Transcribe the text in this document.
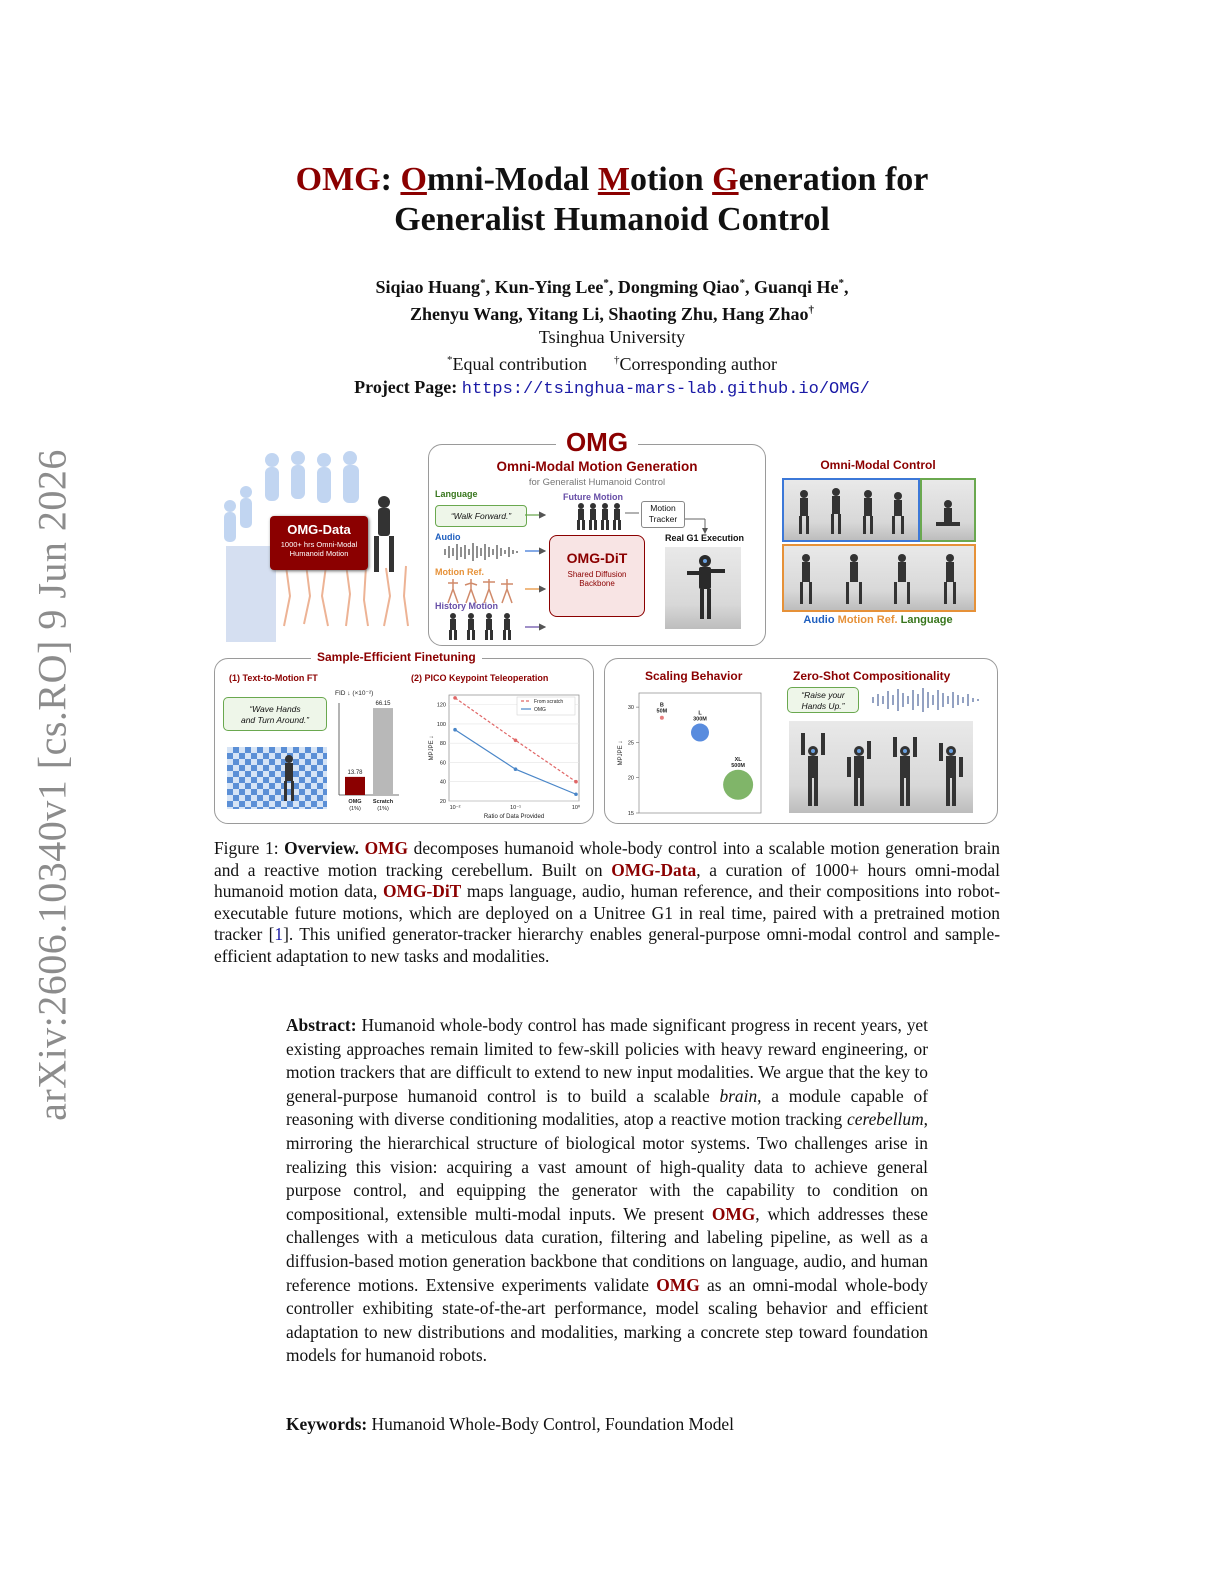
arXiv:2606.10340v1 [cs.RO] 9 Jun 2026
OMG: Omni-Modal Motion Generation for
Generalist Humanoid Control
Siqiao Huang*, Kun-Ying Lee*, Dongming Qiao*, Guanqi He*,
Zhenyu Wang, Yitang Li, Shaoting Zhu, Hang Zhao†
Tsinghua University
*Equal contribution †Corresponding author
Project Page: https://tsinghua-mars-lab.github.io/OMG/
OMG-Data
1000+ hrs Omni-Modal
Humanoid Motion
OMG
Omni-Modal Motion Generation
for Generalist Humanoid Control
Language
“Walk Forward.”
Audio
Motion Ref.
History Motion
Future Motion
Motion
Tracker
Real G1 Execution
OMG-DiT
Shared Diffusion
Backbone
Omni-Modal Control
Audio Motion Ref. Language
Sample-Efficient Finetuning
(1) Text-to-Motion FT
“Wave Hands
and Turn Around.”
FID ↓ (×10⁻²)
13.78
OMG
(1%)
66.15
Scratch
(1%)
(2) PICO Keypoint Teleoperation
20
40
60
80
100
120
10⁻²	10⁻¹	10⁰
Ratio of Data Provided
MPJPE ↓
From scratch
OMG
Scaling Behavior
15
20
25
30
MPJPE ↓
B
50M	L
300M
XL
500M
Zero-Shot Compositionality
“Raise your
Hands Up.”
Figure 1: Overview. OMG decomposes humanoid whole-body control into a scalable motion generation brain and a reactive motion tracking cerebellum. Built on OMG-Data, a curation of 1000+ hours omni-modal humanoid motion data, OMG-DiT maps language, audio, human reference, and their compositions into robot-executable future motions, which are deployed on a Unitree G1 in real time, paired with a pretrained motion tracker [1]. This unified generator-tracker hierarchy enables general-purpose omni-modal control and sample-efficient adaptation to new tasks and modalities.
Abstract: Humanoid whole-body control has made significant progress in recent years, yet existing approaches remain limited to few-skill policies with heavy reward engineering, or motion trackers that are difficult to extend to new input modalities. We argue that the key to general-purpose humanoid control is to build a scalable brain, a module capable of reasoning with diverse conditioning modalities, atop a reactive motion tracking cerebellum, mirroring the hierarchical structure of biological motor systems. Two challenges arise in realizing this vision: acquiring a vast amount of high-quality data to achieve general purpose control, and equipping the generator with the capability to condition on compositional, extensible multi-modal inputs. We present OMG, which addresses these challenges with a meticulous data curation, filtering and labeling pipeline, as well as a diffusion-based motion generation backbone that conditions on language, audio, and human reference motions. Extensive experiments validate OMG as an omni-modal whole-body controller exhibiting state-of-the-art performance, model scaling behavior and efficient adaptation to new distributions and modalities, marking a concrete step toward foundation models for humanoid robots.
Keywords: Humanoid Whole-Body Control, Foundation Model
